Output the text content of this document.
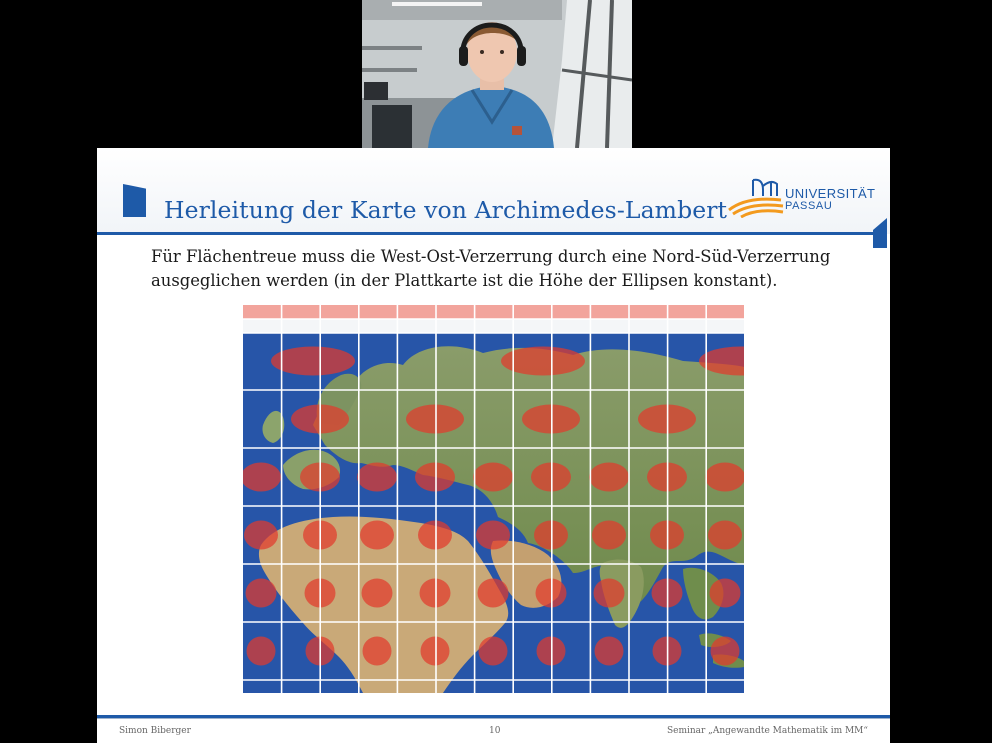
Herleitung der Karte von Archimedes-Lambert
UNIVERSITÄT
PASSAU
Für Flächentreue muss die West-Ost-Verzerrung durch eine Nord-Süd-Verzerrung
ausgeglichen werden (in der Plattkarte ist die Höhe der Ellipsen konstant).
Simon Biberger	10	Seminar „Angewandte Mathematik im MM“
